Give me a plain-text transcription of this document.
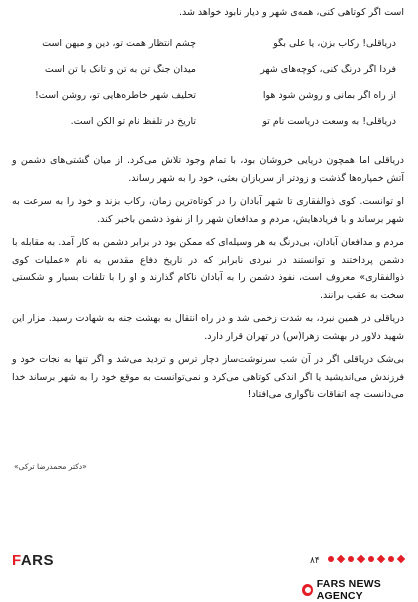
است اگر کوتاهی کنی، همه‌ی شهر و دیار نابود خواهد شد.

دریاقلی! رکاب بزن، یا علی بگو
چشم انتظار همت تو، دین و میهن است
فردا اگر درنگ کنی، کوچه‌های شهر
میدان جنگ تن به تن و تانک با تن است
از راه اگر بمانی و روشن شود هوا
تحلیف شهر خاطره‌هایی تو، روشن است!
دریاقلی! به وسعت دریاست نام تو
تاریخ در تلفظ نام تو الکن است.

دریاقلی اما همچون دریایی خروشان بود، با تمام وجود تلاش می‌کرد. از میان گشتی‌های دشمن و آتش خمپاره‌ها گذشت و زودتر از سربازان بعثی، خود را به شهر رساند.

او توانست. کوی ذوالفقاری تا شهر آبادان را در کوتاه‌ترین زمان، رکاب بزند و خود را به سرعت به شهر برساند و با فریادهایش، مردم و مدافعان شهر را از نفوذ دشمن باخبر کند.

مردم و مدافعان آبادان، بی‌درنگ به هر وسیله‌ای که ممکن بود در برابر دشمن به کار آمد. به مقابله با دشمن پرداختند و توانستند در نبردی نابرابر که در تاریخ دفاع مقدس به نام «عملیات کوی ذوالفقاری» معروف است، نفوذ دشمن را به آبادان ناکام گذارند و او را با تلفات بسیار و شکستی سخت به عقب برانند.

دریاقلی در همین نبرد، به شدت زخمی شد و در راه انتقال به بهشت جنه به شهادت رسید. مزار این شهید دلاور در بهشت زهرا(س) در تهران قرار دارد.

بی‌شک دریاقلی اگر در آن شب سرنوشت‌ساز دچار ترس و تردید می‌شد و اگر تنها به نجات خود و فرزندش می‌اندیشید یا اگر اندکی کوتاهی می‌کرد و نمی‌توانست به موقع خود را به شهر برساند خدا می‌دانست چه اتفاقات ناگواری می‌افتاد!

«دکتر محمدرضا ترکی»
FARS	۸۴
FARS NEWS AGENCY
